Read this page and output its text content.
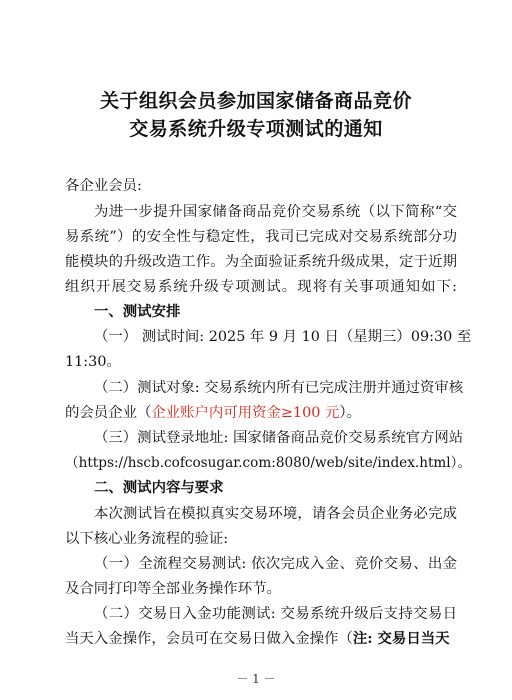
关于组织会员参加国家储备商品竞价
交易系统升级专项测试的通知
各企业会员:
为进一步提升国家储备商品竞价交易系统（以下简称“交
易系统”）的安全性与稳定性，我司已完成对交易系统部分功
能模块的升级改造工作。为全面验证系统升级成果，定于近期
组织开展交易系统升级专项测试。现将有关事项通知如下:
一、测试安排
（一） 测试时间: 2025 年 9 月 10 日（星期三）09:30 至
11:30。
（二）测试对象: 交易系统内所有已完成注册并通过资审核
的会员企业（企业账户内可用资金≥100 元）。
（三）测试登录地址: 国家储备商品竞价交易系统官方网站
（https://hscb.cofcosugar.com:8080/web/site/index.html）。
二、测试内容与要求
本次测试旨在模拟真实交易环境，请各会员企业务必完成
以下核心业务流程的验证:
（一）全流程交易测试: 依次完成入金、竞价交易、出金
及合同打印等全部业务操作环节。
（二）交易日入金功能测试: 交易系统升级后支持交易日
当天入金操作，会员可在交易日做入金操作（注: 交易日当天
－ 1 －
